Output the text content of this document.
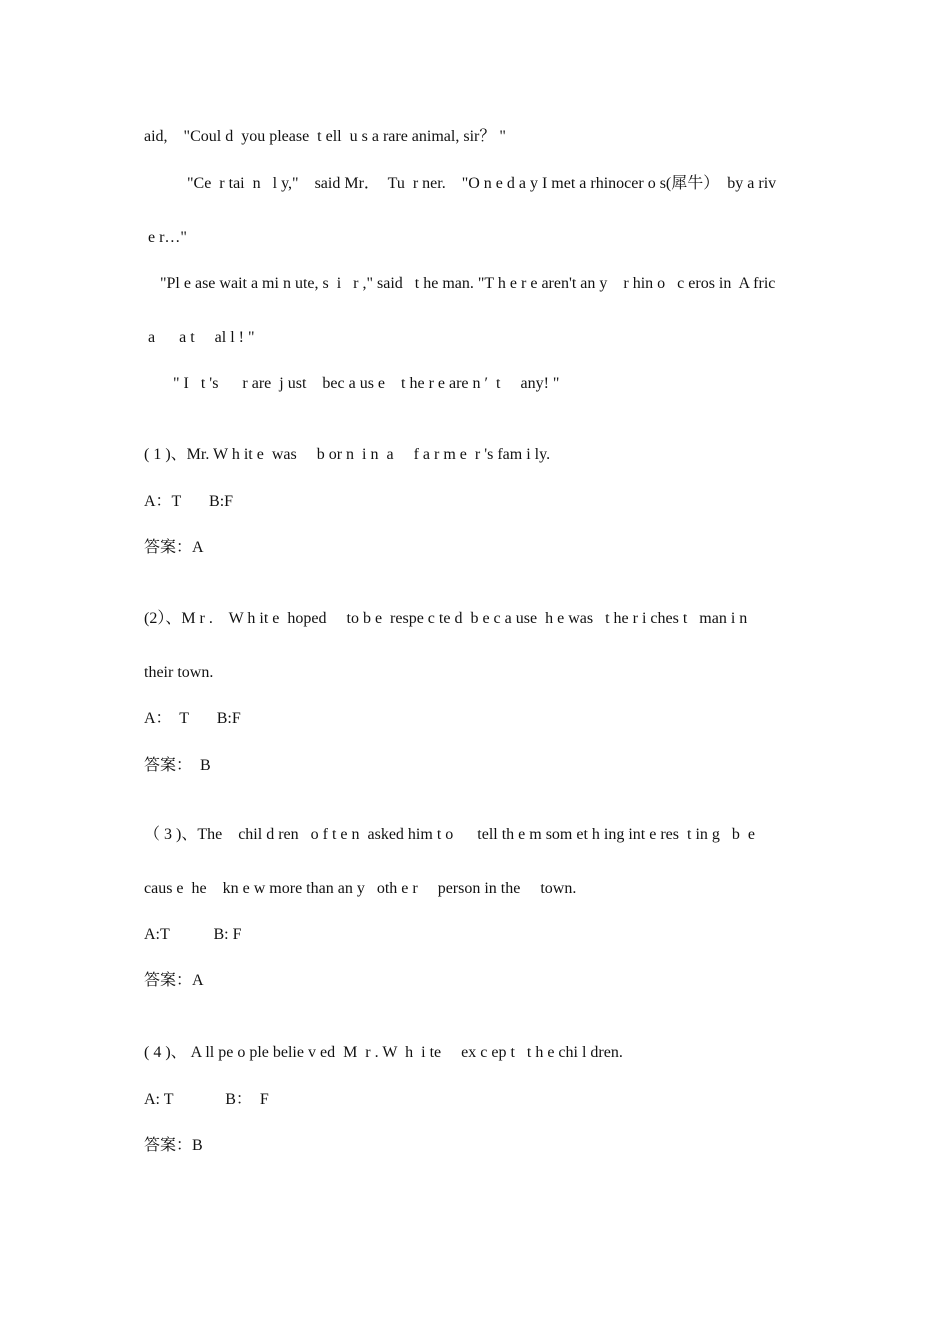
aid,    "Coul d  you please  t ell  u s a rare animal, sir？ "
"Ce  r tai  n   l y,"    said Mr．  Tu  r ner.    "O n e d a y I met a rhinocer o s(犀牛）  by a riv
e r…"
"Pl e ase wait a mi n ute, s  i   r ," said   t he man. "T h e r e aren't an y    r hin o   c eros in  A fric
a      a t     al l ! "
" I   t 's      r are  j ust    bec a us e    t he r e are n ′  t     any! "
( 1 )、Mr. W h it e  was     b or n  i n  a     f a r m e  r 's fam i ly.
A：T       B:F
答案：A
(2）、M r .    W h it e  hoped     to b e  respe c te d  b e c a use  h e was   t he r i ches t   man i n
their town.
A：  T       B:F
答案：  B
（ 3 )、The    chil d ren   o f t e n  asked him t o      tell th e m som et h ing int e res  t in g   b  e
caus e  he    kn e w more than an y   oth e r     person in the     town.
A:T           B: F
答案：A
( 4 )、 A ll pe o ple belie v ed  M  r . W  h  i te     ex c ep t   t h e chi l dren.
A: T             B：  F
答案：B
